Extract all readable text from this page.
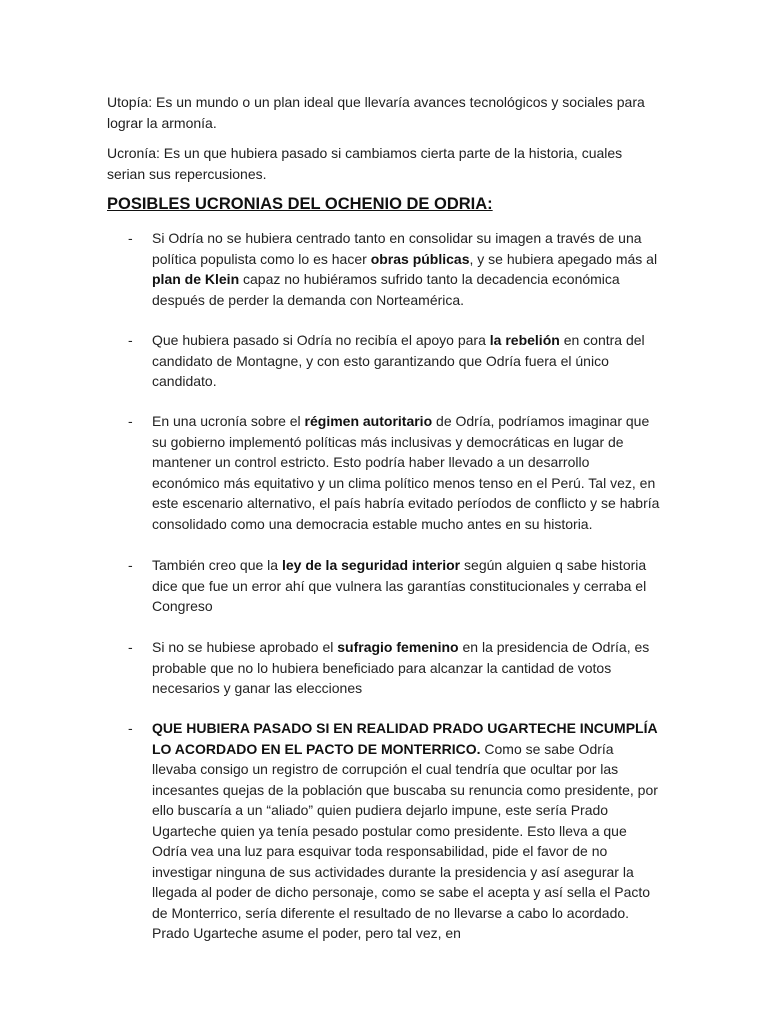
Utopía: Es un mundo o un plan ideal que llevaría avances tecnológicos y sociales para lograr la armonía.
Ucronía: Es un que hubiera pasado si cambiamos cierta parte de la historia, cuales serian sus repercusiones.
POSIBLES UCRONIAS DEL OCHENIO DE ODRIA:
- Si Odría no se hubiera centrado tanto en consolidar su imagen a través de una política populista como lo es hacer obras públicas, y se hubiera apegado más al plan de Klein capaz no hubiéramos sufrido tanto la decadencia económica después de perder la demanda con Norteamérica.
- Que hubiera pasado si Odría no recibía el apoyo para la rebelión en contra del candidato de Montagne, y con esto garantizando que Odría fuera el único candidato.
- En una ucronía sobre el régimen autoritario de Odría, podríamos imaginar que su gobierno implementó políticas más inclusivas y democráticas en lugar de mantener un control estricto. Esto podría haber llevado a un desarrollo económico más equitativo y un clima político menos tenso en el Perú. Tal vez, en este escenario alternativo, el país habría evitado períodos de conflicto y se habría consolidado como una democracia estable mucho antes en su historia.
- También creo que la ley de la seguridad interior según alguien q sabe historia dice que fue un error ahí que vulnera las garantías constitucionales y cerraba el Congreso
- Si no se hubiese aprobado el sufragio femenino en la presidencia de Odría, es probable que no lo hubiera beneficiado para alcanzar la cantidad de votos necesarios y ganar las elecciones
- QUE HUBIERA PASADO SI EN REALIDAD PRADO UGARTECHE INCUMPLÍA LO ACORDADO EN EL PACTO DE MONTERRICO. Como se sabe Odría llevaba consigo un registro de corrupción el cual tendría que ocultar por las incesantes quejas de la población que buscaba su renuncia como presidente, por ello buscaría a un “aliado” quien pudiera dejarlo impune, este sería Prado Ugarteche quien ya tenía pesado postular como presidente. Esto lleva a que Odría vea una luz para esquivar toda responsabilidad, pide el favor de no investigar ninguna de sus actividades durante la presidencia y así asegurar la llegada al poder de dicho personaje, como se sabe el acepta y así sella el Pacto de Monterrico, sería diferente el resultado de no llevarse a cabo lo acordado. Prado Ugarteche asume el poder, pero tal vez, en
